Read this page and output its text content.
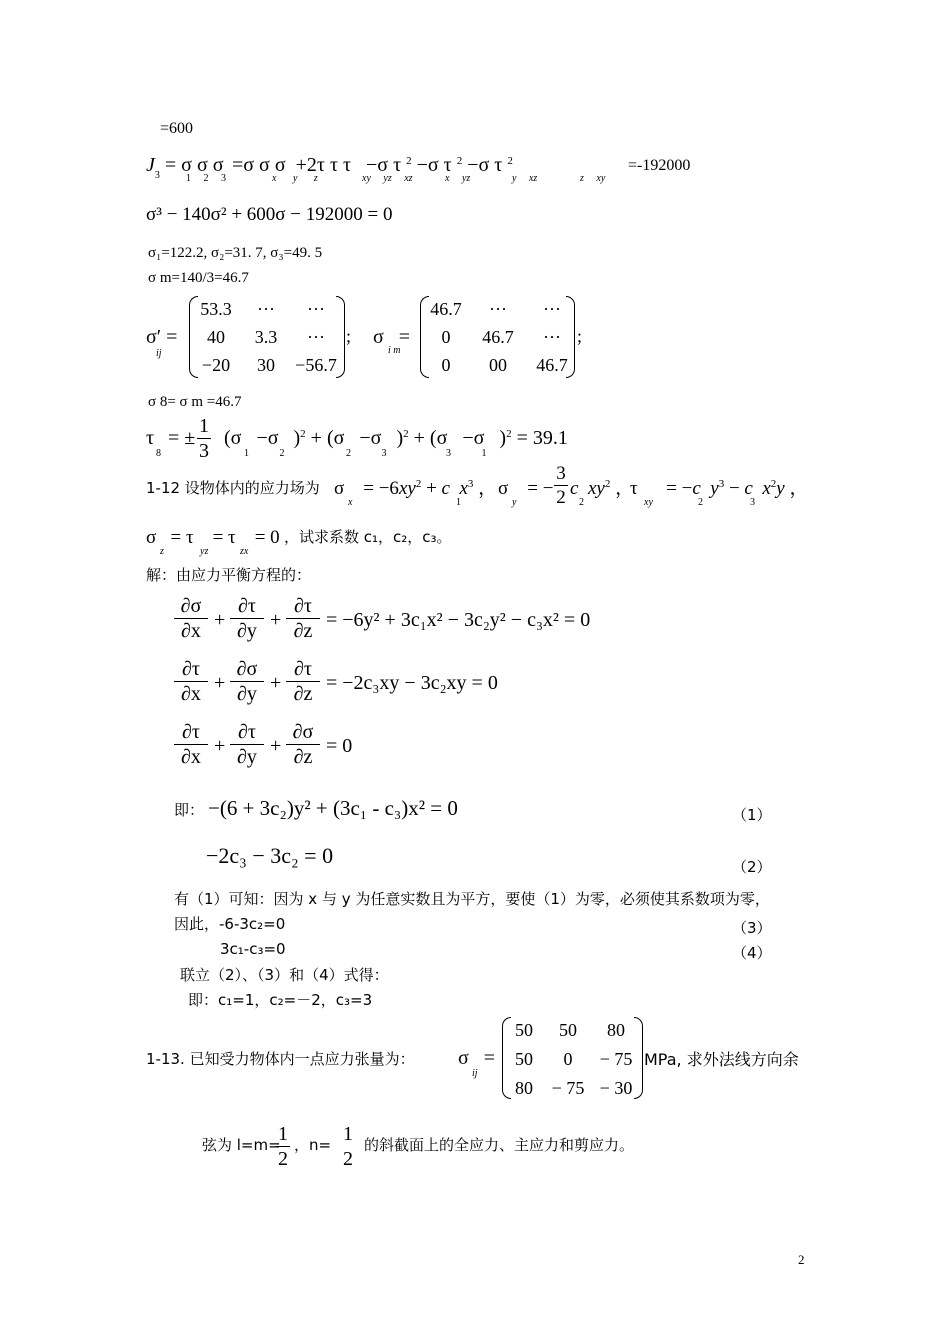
=600
$J_3 = \sigma$ σ σ =σ σ σ  +2τ τ τ   −σ τ $^2$ −σ τ $^2$ −σ τ $^2$	=-192000
1 2 3	x y z	xy yz xz	x yz	y xz	z xy
σ³ − 140σ² + 600σ − 192000 = 0
σ₁=122.2, σ₂=31. 7, σ₃=49. 5
σ m=140/3=46.7
σ′ =
ij
53.3	···	···
40	3.3	···
−20	30	−56.7
; σ   =
i m
46.7	···	···
0	46.7	···
0	00	46.7
;
σ 8= σ m =46.7
τ
8
= ±
1
3
(σ   −σ   )$^2$ + (σ   −σ   )$^2$ + (σ   −σ   )$^2$ = 39.1
1 2	2 3	3 1
1-12 设物体内的应力场为 σ    = $-6xy^2 + c$ $x^3$ ，
x	1
σ    = −
y
3
2 c $xy^2$ ，
2
τ      = −c $y^3 - c$ $x^2y$ ，
xy	2	3
σ   = τ    = τ    = 0
z	yz	zx
，试求系数 c₁，c₂，c₃。
解：由应力平衡方程的：
∂σ
∂x +
∂τ
∂y +
∂τ
∂z = −6y² + 3c₁x² − 3c₂y² − c₃x² = 0
∂τ
∂x +
∂σ
∂y +
∂τ
∂z = −2c₃xy − 3c₂xy = 0
∂τ
∂x +
∂τ
∂y +
∂σ
∂z = 0
即： −(6 + 3c₂)y² + (3c₁ - c₃)x² = 0	（1）
−2c₃ − 3c₂ = 0	（2）
有（1）可知：因为 x 与 y 为任意实数且为平方，要使（1）为零，必须使其系数项为零，
因此，-6-3c₂=0	（3）
3c₁-c₃=0	（4）
联立（2）、（3）和（4）式得：
即：c₁=1，c₂=－2，c₃=3
1-13. 已知受力物体内一点应力张量为： σ   =
ij
50	50	80
50	0	− 75
80	− 75 − 30
MPa, 求外法线方向余
弦为 l=m=
1
2
，n= 1
2
的斜截面上的全应力、主应力和剪应力。
2
